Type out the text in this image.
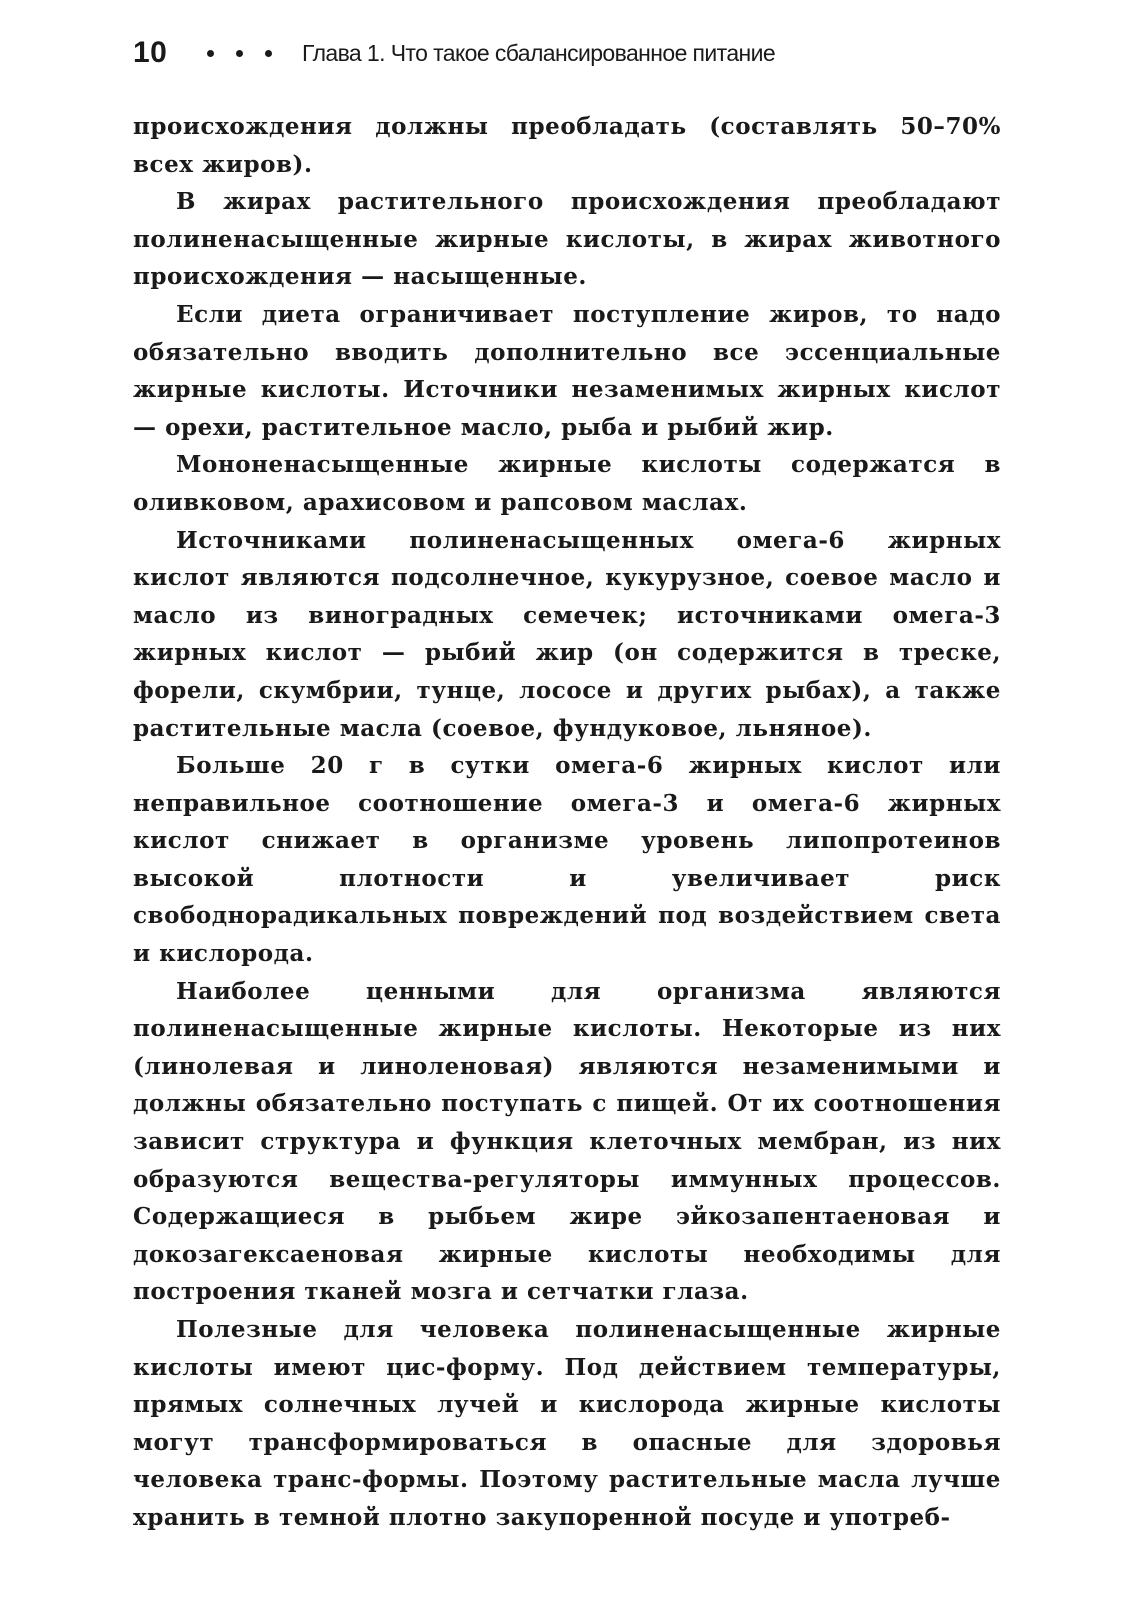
10	Глава 1. Что такое сбалансированное питание

происхождения должны преобладать (составлять 50–70% всех жиров).

В жирах растительного происхождения преобладают полиненасыщенные жирные кислоты, в жирах животного происхождения — насыщенные.

Если диета ограничивает поступление жиров, то надо обязательно вводить дополнительно все эссенциальные жирные кислоты. Источники незаменимых жирных кислот — орехи, растительное масло, рыба и рыбий жир.

Мононенасыщенные жирные кислоты содержатся в оливковом, арахисовом и рапсовом маслах.

Источниками полиненасыщенных омега-6 жирных кислот являются подсолнечное, кукурузное, соевое масло и масло из виноградных семечек; источниками омега-3 жирных кислот — рыбий жир (он содержится в треске, форели, скумбрии, тунце, лососе и других рыбах), а также растительные масла (соевое, фундуковое, льняное).

Больше 20 г в сутки омега-6 жирных кислот или неправильное соотношение омега-3 и омега-6 жирных кислот снижает в организме уровень липопротеинов высокой плотности и увеличивает риск свободнорадикальных повреждений под воздействием света и кислорода.

Наиболее ценными для организма являются полиненасыщенные жирные кислоты. Некоторые из них (линолевая и линоленовая) являются незаменимыми и должны обязательно поступать с пищей. От их соотношения зависит структура и функция клеточных мембран, из них образуются вещества-регуляторы иммунных процессов. Содержащиеся в рыбьем жире эйкозапентаеновая и докозагексаеновая жирные кислоты необходимы для построения тканей мозга и сетчатки глаза.

Полезные для человека полиненасыщенные жирные кислоты имеют цис-форму. Под действием температуры, прямых солнечных лучей и кислорода жирные кислоты могут трансформироваться в опасные для здоровья человека транс-формы. Поэтому растительные масла лучше хранить в темной плотно закупоренной посуде и употреб-
